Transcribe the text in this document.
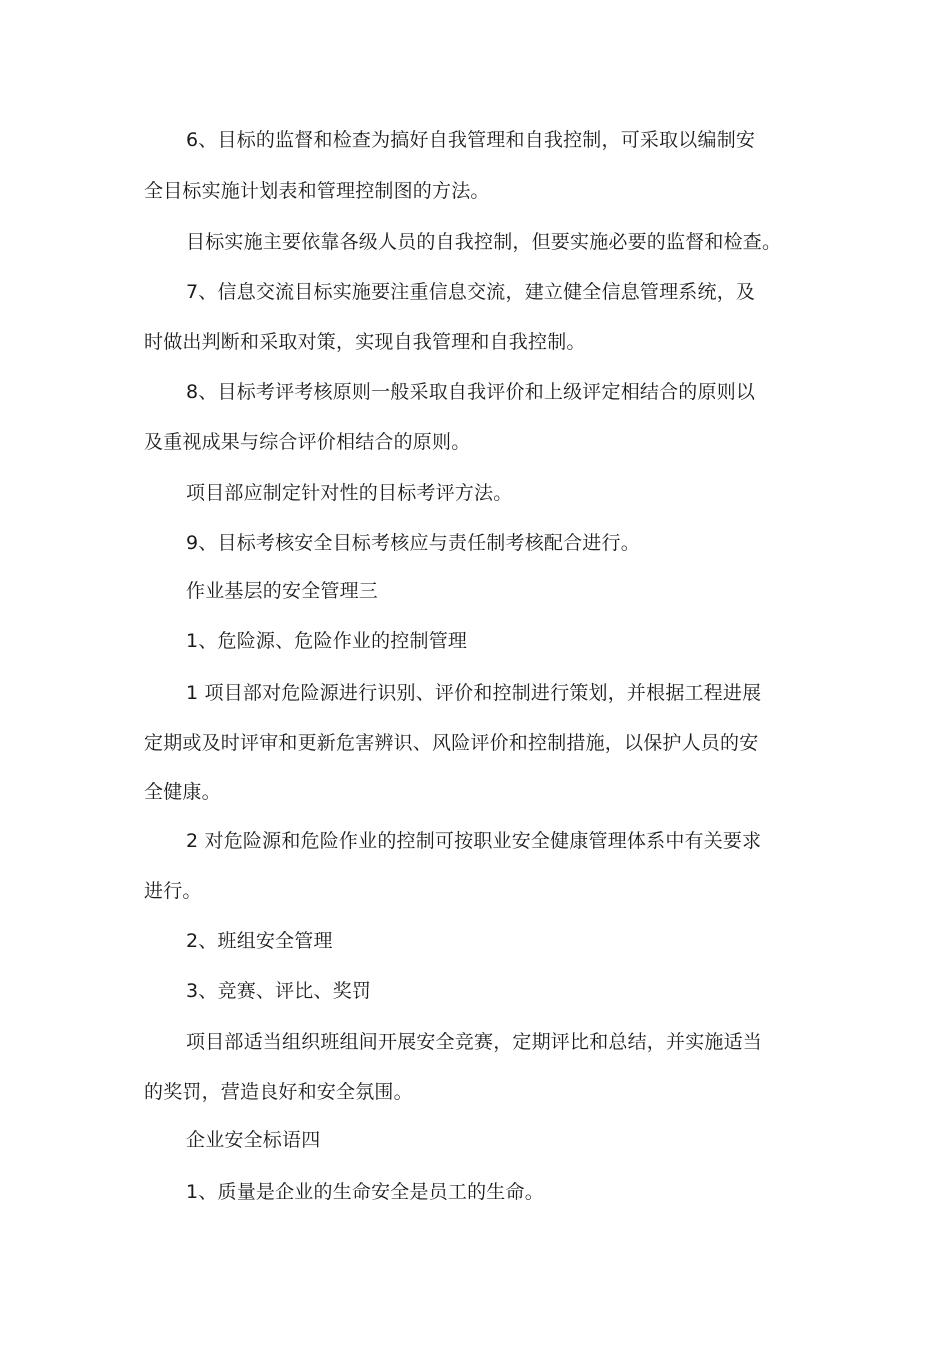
6、目标的监督和检查为搞好自我管理和自我控制，可采取以编制安
全目标实施计划表和管理控制图的方法。
目标实施主要依靠各级人员的自我控制，但要实施必要的监督和检查。
7、信息交流目标实施要注重信息交流，建立健全信息管理系统，及
时做出判断和采取对策，实现自我管理和自我控制。
8、目标考评考核原则一般采取自我评价和上级评定相结合的原则以
及重视成果与综合评价相结合的原则。
项目部应制定针对性的目标考评方法。
9、目标考核安全目标考核应与责任制考核配合进行。
作业基层的安全管理三
1、危险源、危险作业的控制管理
1 项目部对危险源进行识别、评价和控制进行策划，并根据工程进展
定期或及时评审和更新危害辨识、风险评价和控制措施，以保护人员的安
全健康。
2 对危险源和危险作业的控制可按职业安全健康管理体系中有关要求
进行。
2、班组安全管理
3、竞赛、评比、奖罚
项目部适当组织班组间开展安全竞赛，定期评比和总结，并实施适当
的奖罚，营造良好和安全氛围。
企业安全标语四
1、质量是企业的生命安全是员工的生命。
